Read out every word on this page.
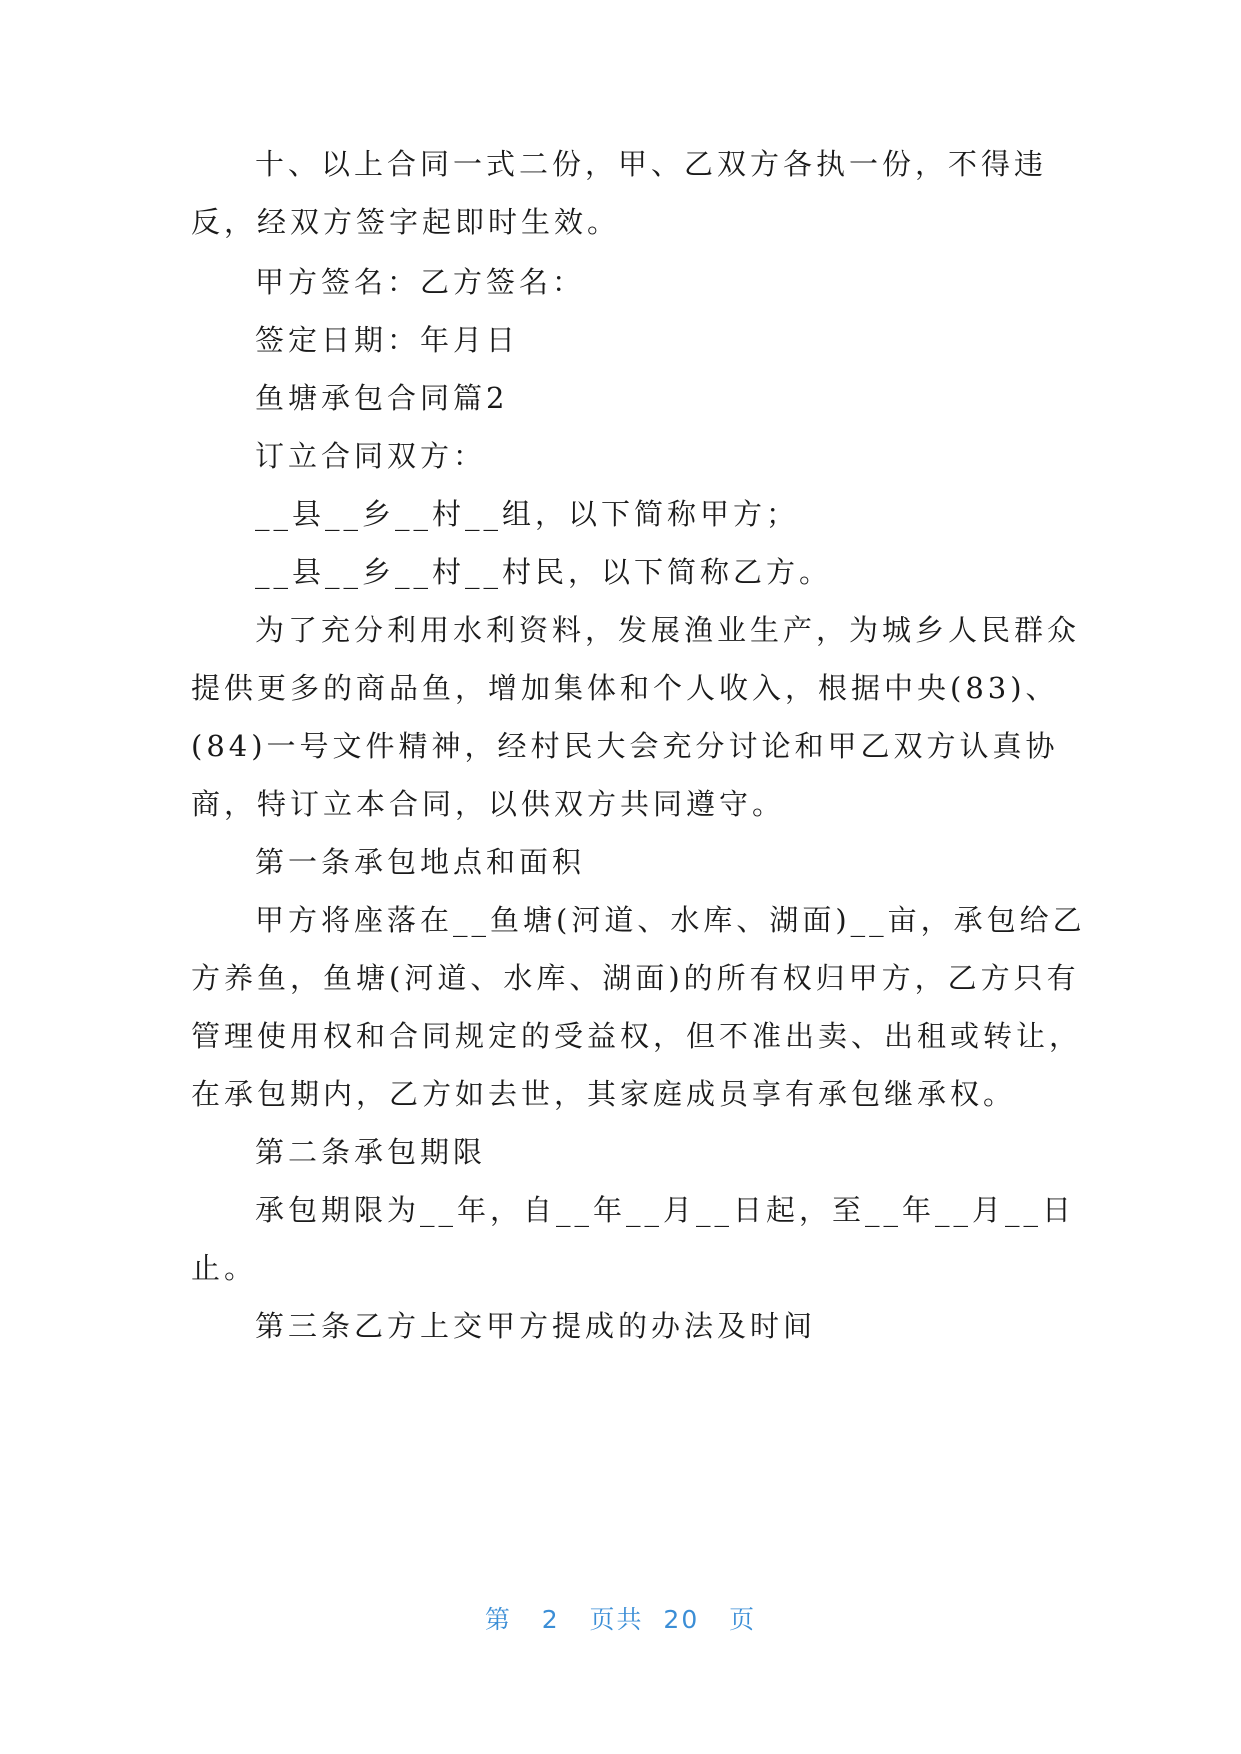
十、以上合同一式二份，甲、乙双方各执一份，不得违
反，经双方签字起即时生效。
甲方签名：乙方签名：
签定日期：年月日
鱼塘承包合同篇2
订立合同双方：
__县__乡__村__组，以下简称甲方；
__县__乡__村__村民，以下简称乙方。
为了充分利用水利资料，发展渔业生产，为城乡人民群众
提供更多的商品鱼，增加集体和个人收入，根据中央(83)、
(84)一号文件精神，经村民大会充分讨论和甲乙双方认真协
商，特订立本合同，以供双方共同遵守。
第一条承包地点和面积
甲方将座落在__鱼塘(河道、水库、湖面)__亩，承包给乙
方养鱼，鱼塘(河道、水库、湖面)的所有权归甲方，乙方只有
管理使用权和合同规定的受益权，但不准出卖、出租或转让，
在承包期内，乙方如去世，其家庭成员享有承包继承权。
第二条承包期限
承包期限为__年，自__年__月__日起，至__年__月__日
止。
第三条乙方上交甲方提成的办法及时间
第 2 页共 20 页
